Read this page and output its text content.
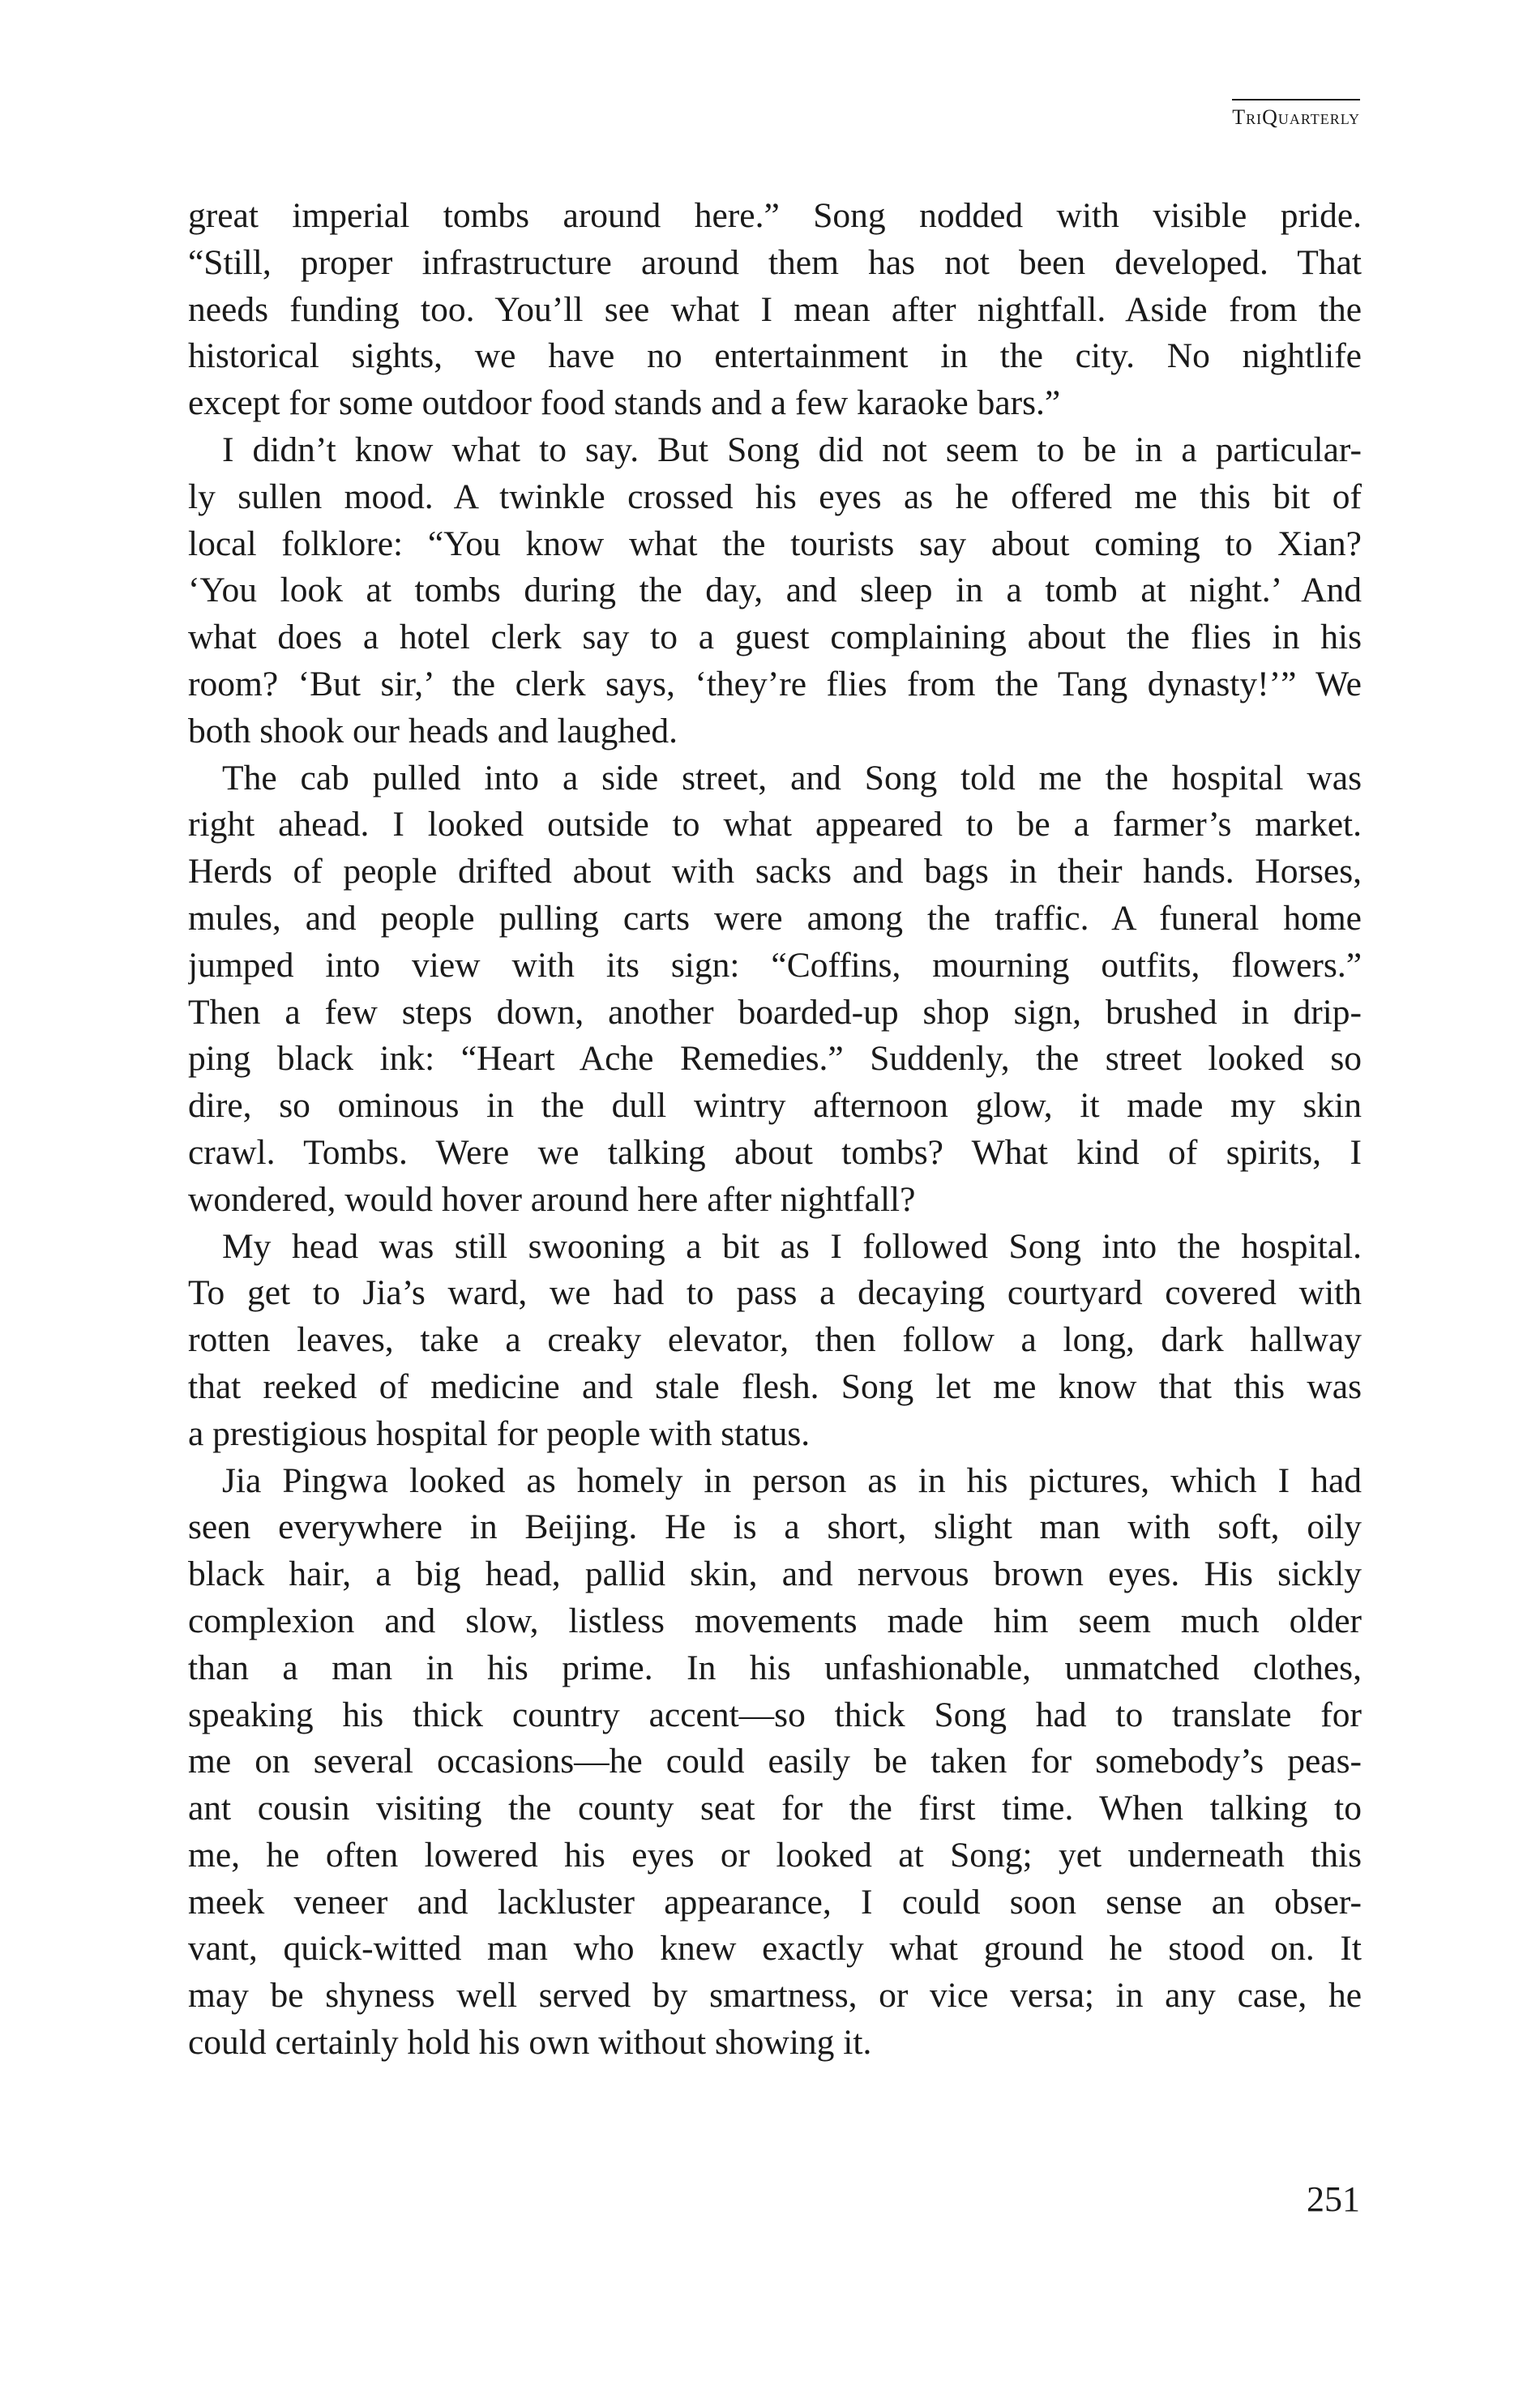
TriQuarterly
great imperial tombs around here.” Song nodded with visible pride.
“Still, proper infrastructure around them has not been developed. That
needs funding too. You’ll see what I mean after nightfall. Aside from the
historical sights, we have no entertainment in the city. No nightlife
except for some outdoor food stands and a few karaoke bars.”
I didn’t know what to say. But Song did not seem to be in a particular-
ly sullen mood. A twinkle crossed his eyes as he offered me this bit of
local folklore: “You know what the tourists say about coming to Xian?
‘You look at tombs during the day, and sleep in a tomb at night.’ And
what does a hotel clerk say to a guest complaining about the flies in his
room? ‘But sir,’ the clerk says, ‘they’re flies from the Tang dynasty!’” We
both shook our heads and laughed.
The cab pulled into a side street, and Song told me the hospital was
right ahead. I looked outside to what appeared to be a farmer’s market.
Herds of people drifted about with sacks and bags in their hands. Horses,
mules, and people pulling carts were among the traffic. A funeral home
jumped into view with its sign: “Coffins, mourning outfits, flowers.”
Then a few steps down, another boarded-up shop sign, brushed in drip-
ping black ink: “Heart Ache Remedies.” Suddenly, the street looked so
dire, so ominous in the dull wintry afternoon glow, it made my skin
crawl. Tombs. Were we talking about tombs? What kind of spirits, I
wondered, would hover around here after nightfall?
My head was still swooning a bit as I followed Song into the hospital.
To get to Jia’s ward, we had to pass a decaying courtyard covered with
rotten leaves, take a creaky elevator, then follow a long, dark hallway
that reeked of medicine and stale flesh. Song let me know that this was
a prestigious hospital for people with status.
Jia Pingwa looked as homely in person as in his pictures, which I had
seen everywhere in Beijing. He is a short, slight man with soft, oily
black hair, a big head, pallid skin, and nervous brown eyes. His sickly
complexion and slow, listless movements made him seem much older
than a man in his prime. In his unfashionable, unmatched clothes,
speaking his thick country accent—so thick Song had to translate for
me on several occasions—he could easily be taken for somebody’s peas-
ant cousin visiting the county seat for the first time. When talking to
me, he often lowered his eyes or looked at Song; yet underneath this
meek veneer and lackluster appearance, I could soon sense an obser-
vant, quick-witted man who knew exactly what ground he stood on. It
may be shyness well served by smartness, or vice versa; in any case, he
could certainly hold his own without showing it.
251
